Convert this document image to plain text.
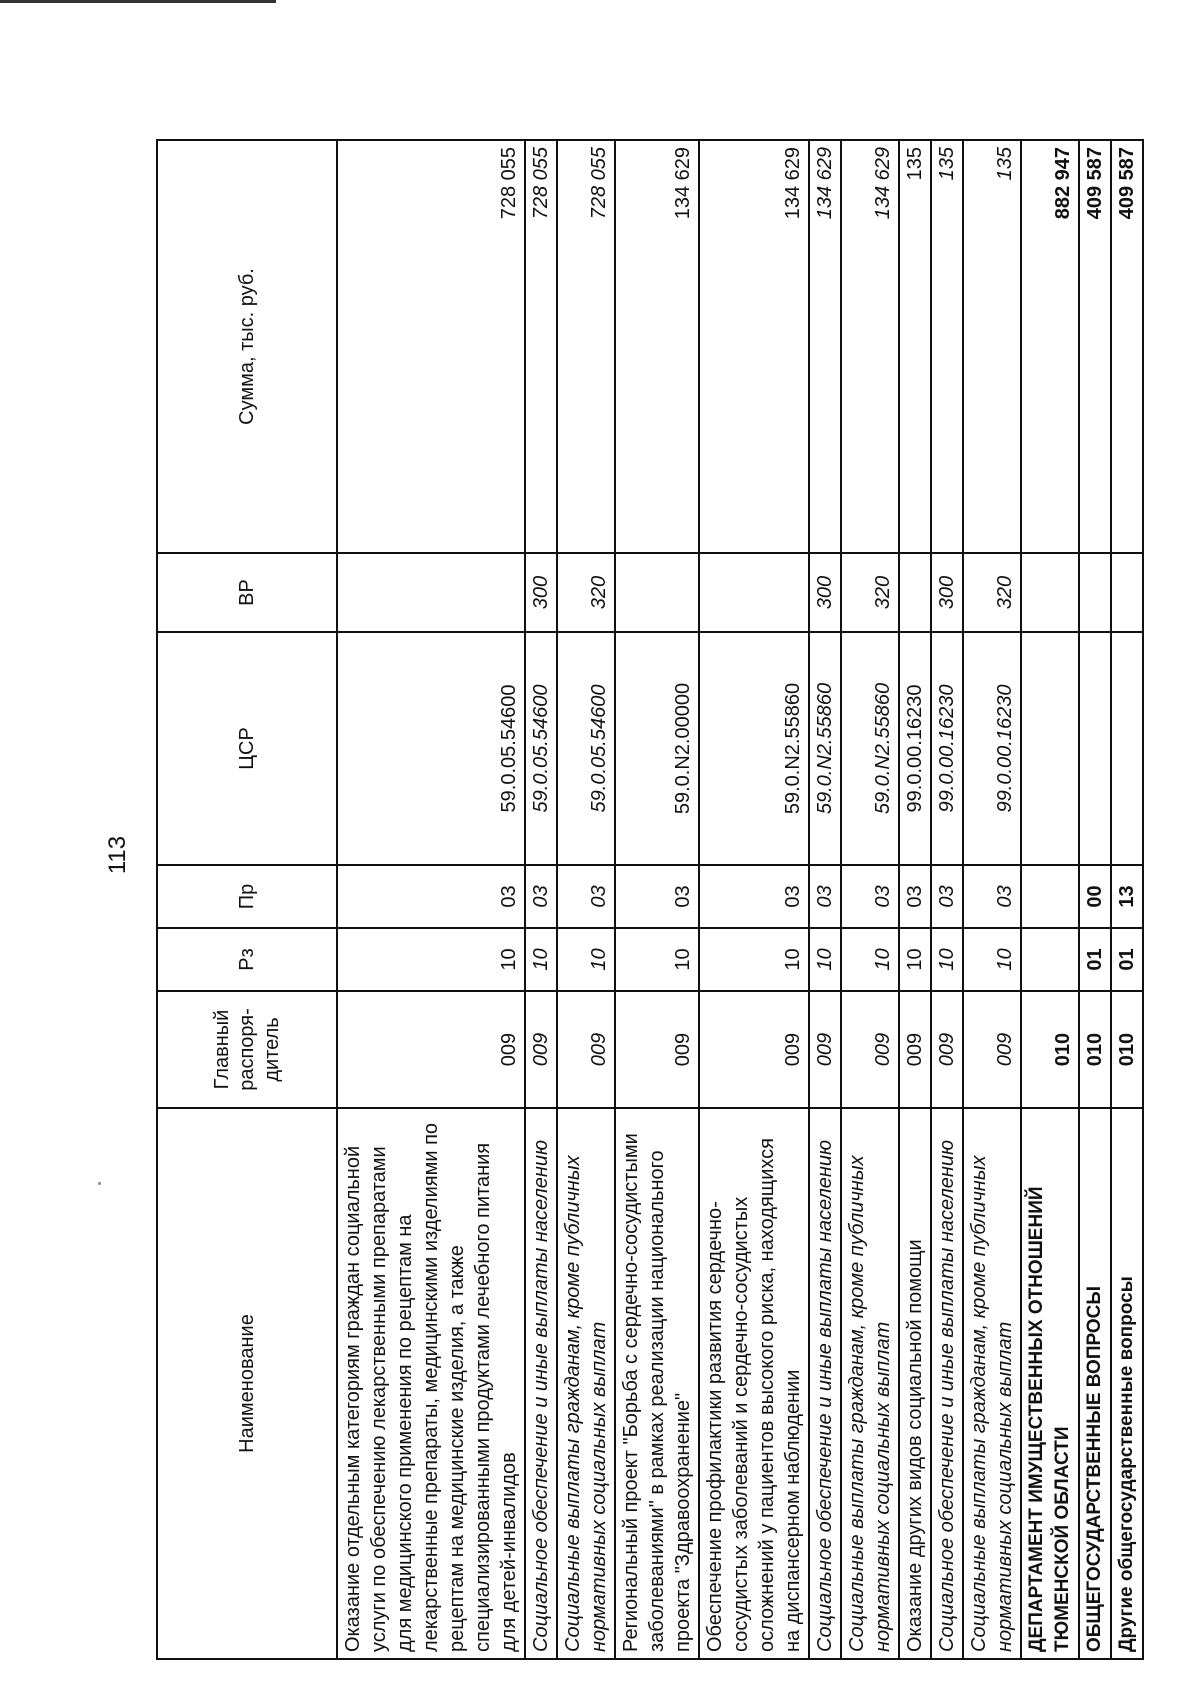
113
Наименование	Главный распоря-дитель	Рз	Пр	ЦСР	ВР	Сумма, тыс. руб.
Оказание отдельным категориям граждан социальной услуги по обеспечению лекарственными препаратами для медицинского применения по рецептам на лекарственные препараты, медицинскими изделиями по рецептам на медицинские изделия, а также специализированными продуктами лечебного питания для детей-инвалидов	009	10	03	59.0.05.54600		728 055
Социальное обеспечение и иные выплаты населению	009	10	03	59.0.05.54600	300	728 055
Социальные выплаты гражданам, кроме публичных нормативных социальных выплат	009	10	03	59.0.05.54600	320	728 055
Региональный проект "Борьба с сердечно-сосудистыми заболеваниями" в рамках реализации национального проекта "Здравоохранение"	009	10	03	59.0.N2.00000		134 629
Обеспечение профилактики развития сердечно-сосудистых заболеваний и сердечно-сосудистых осложнений у пациентов высокого риска, находящихся на диспансерном наблюдении	009	10	03	59.0.N2.55860		134 629
Социальное обеспечение и иные выплаты населению	009	10	03	59.0.N2.55860	300	134 629
Социальные выплаты гражданам, кроме публичных нормативных социальных выплат	009	10	03	59.0.N2.55860	320	134 629
Оказание других видов социальной помощи	009	10	03	99.0.00.16230		135
Социальное обеспечение и иные выплаты населению	009	10	03	99.0.00.16230	300	135
Социальные выплаты гражданам, кроме публичных нормативных социальных выплат	009	10	03	99.0.00.16230	320	135
ДЕПАРТАМЕНТ ИМУЩЕСТВЕННЫХ ОТНОШЕНИЙ ТЮМЕНСКОЙ ОБЛАСТИ	010					882 947
ОБЩЕГОСУДАРСТВЕННЫЕ ВОПРОСЫ	010	01	00			409 587
Другие общегосударственные вопросы	010	01	13			409 587
